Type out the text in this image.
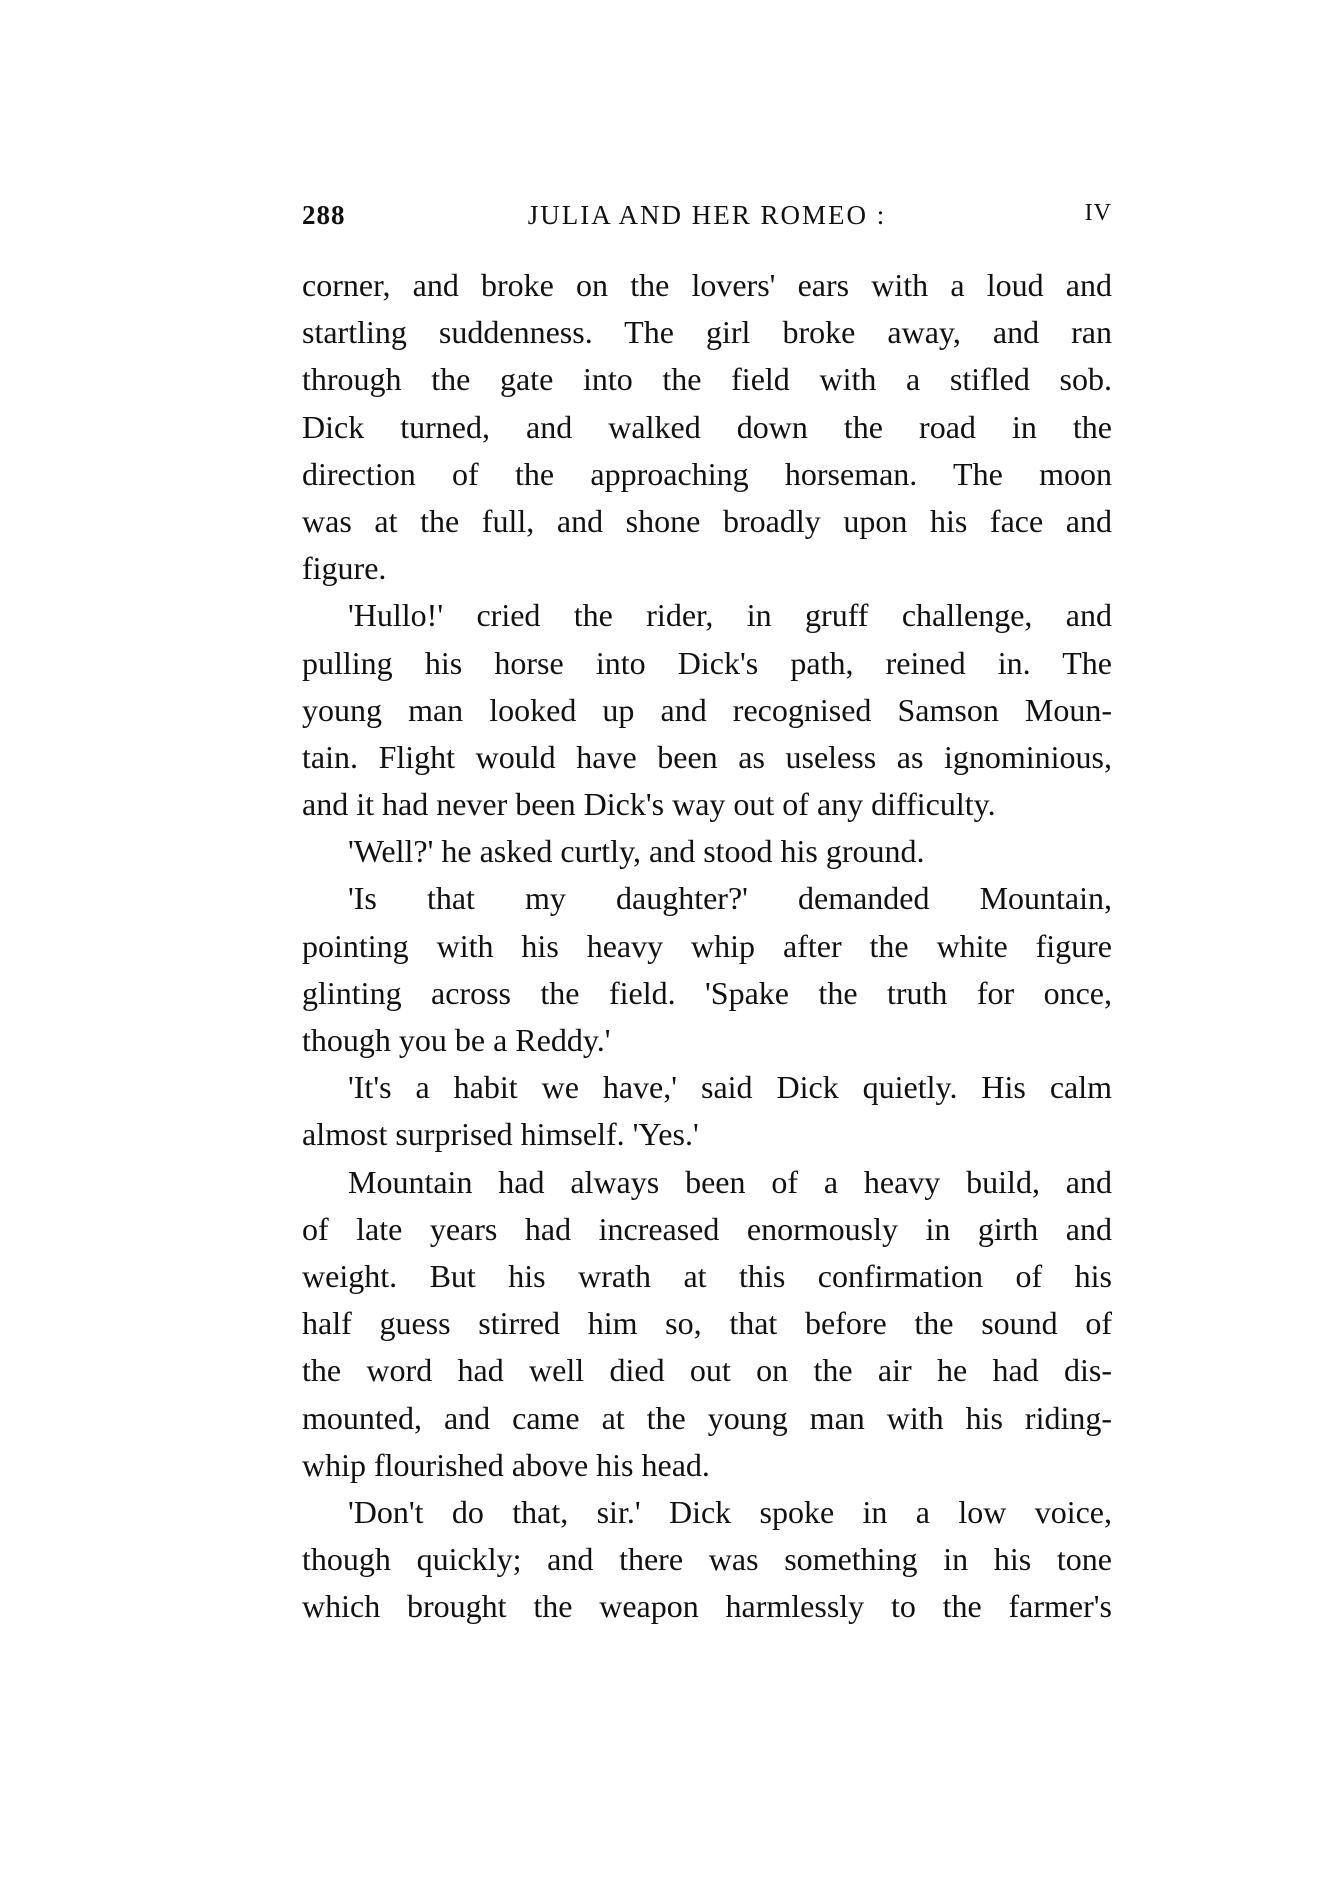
288	JULIA AND HER ROMEO :	IV
corner, and broke on the lovers' ears with a loud and
startling suddenness. The girl broke away, and ran
through the gate into the field with a stifled sob.
Dick turned, and walked down the road in the
direction of the approaching horseman. The moon
was at the full, and shone broadly upon his face and
figure.
'Hullo!' cried the rider, in gruff challenge, and
pulling his horse into Dick's path, reined in. The
young man looked up and recognised Samson Moun-
tain. Flight would have been as useless as ignominious,
and it had never been Dick's way out of any difficulty.
'Well?' he asked curtly, and stood his ground.
'Is that my daughter?' demanded Mountain,
pointing with his heavy whip after the white figure
glinting across the field. 'Spake the truth for once,
though you be a Reddy.'
'It's a habit we have,' said Dick quietly. His calm
almost surprised himself. 'Yes.'
Mountain had always been of a heavy build, and
of late years had increased enormously in girth and
weight. But his wrath at this confirmation of his
half guess stirred him so, that before the sound of
the word had well died out on the air he had dis-
mounted, and came at the young man with his riding-
whip flourished above his head.
'Don't do that, sir.' Dick spoke in a low voice,
though quickly; and there was something in his tone
which brought the weapon harmlessly to the farmer's
